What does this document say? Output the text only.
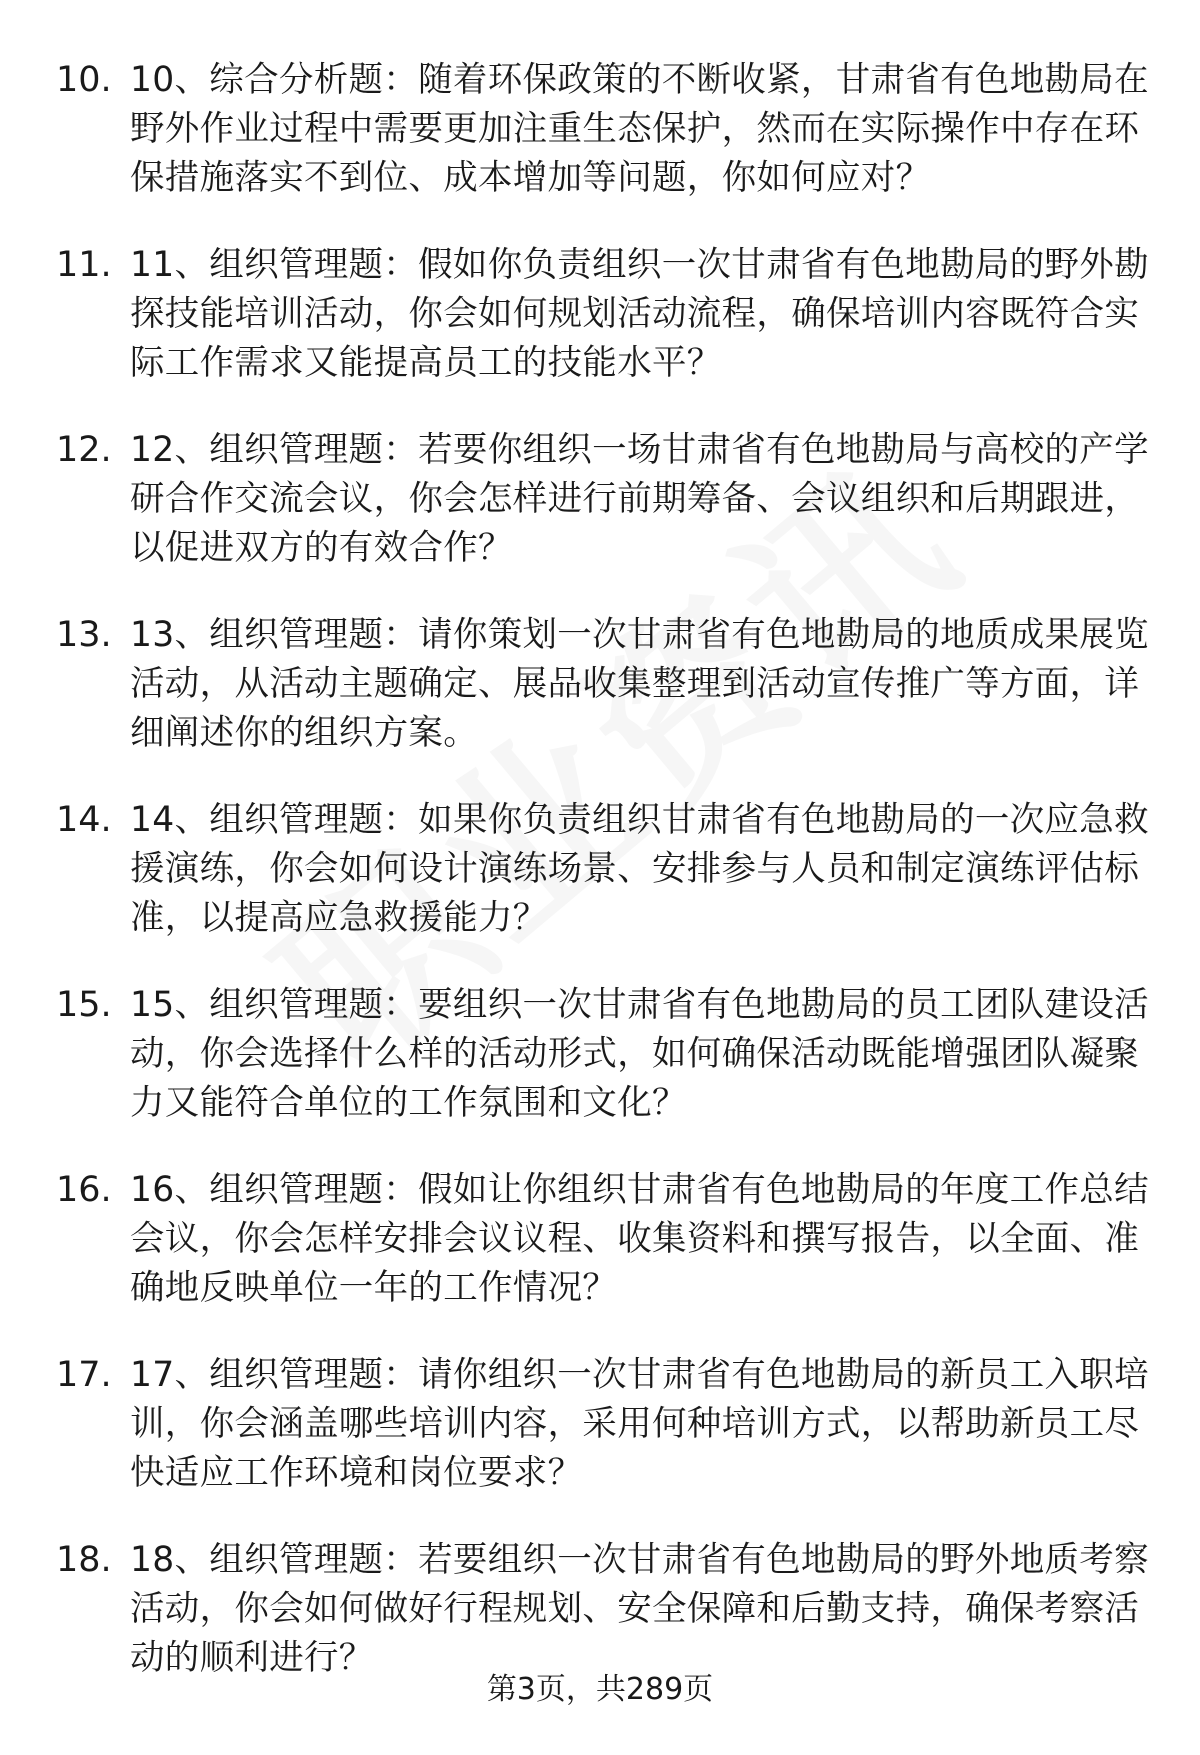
10. 10、综合分析题：随着环保政策的不断收紧，甘肃省有色地勘局在野外作业过程中需要更加注重生态保护，然而在实际操作中存在环保措施落实不到位、成本增加等问题，你如何应对？
11. 11、组织管理题：假如你负责组织一次甘肃省有色地勘局的野外勘探技能培训活动，你会如何规划活动流程，确保培训内容既符合实际工作需求又能提高员工的技能水平？
12. 12、组织管理题：若要你组织一场甘肃省有色地勘局与高校的产学研合作交流会议，你会怎样进行前期筹备、会议组织和后期跟进，以促进双方的有效合作？
13. 13、组织管理题：请你策划一次甘肃省有色地勘局的地质成果展览活动，从活动主题确定、展品收集整理到活动宣传推广等方面，详细阐述你的组织方案。
14. 14、组织管理题：如果你负责组织甘肃省有色地勘局的一次应急救援演练，你会如何设计演练场景、安排参与人员和制定演练评估标准，以提高应急救援能力？
15. 15、组织管理题：要组织一次甘肃省有色地勘局的员工团队建设活动，你会选择什么样的活动形式，如何确保活动既能增强团队凝聚力又能符合单位的工作氛围和文化？
16. 16、组织管理题：假如让你组织甘肃省有色地勘局的年度工作总结会议，你会怎样安排会议议程、收集资料和撰写报告，以全面、准确地反映单位一年的工作情况？
17. 17、组织管理题：请你组织一次甘肃省有色地勘局的新员工入职培训，你会涵盖哪些培训内容，采用何种培训方式，以帮助新员工尽快适应工作环境和岗位要求？
18. 18、组织管理题：若要组织一次甘肃省有色地勘局的野外地质考察活动，你会如何做好行程规划、安全保障和后勤支持，确保考察活动的顺利进行？
第3页，共289页
